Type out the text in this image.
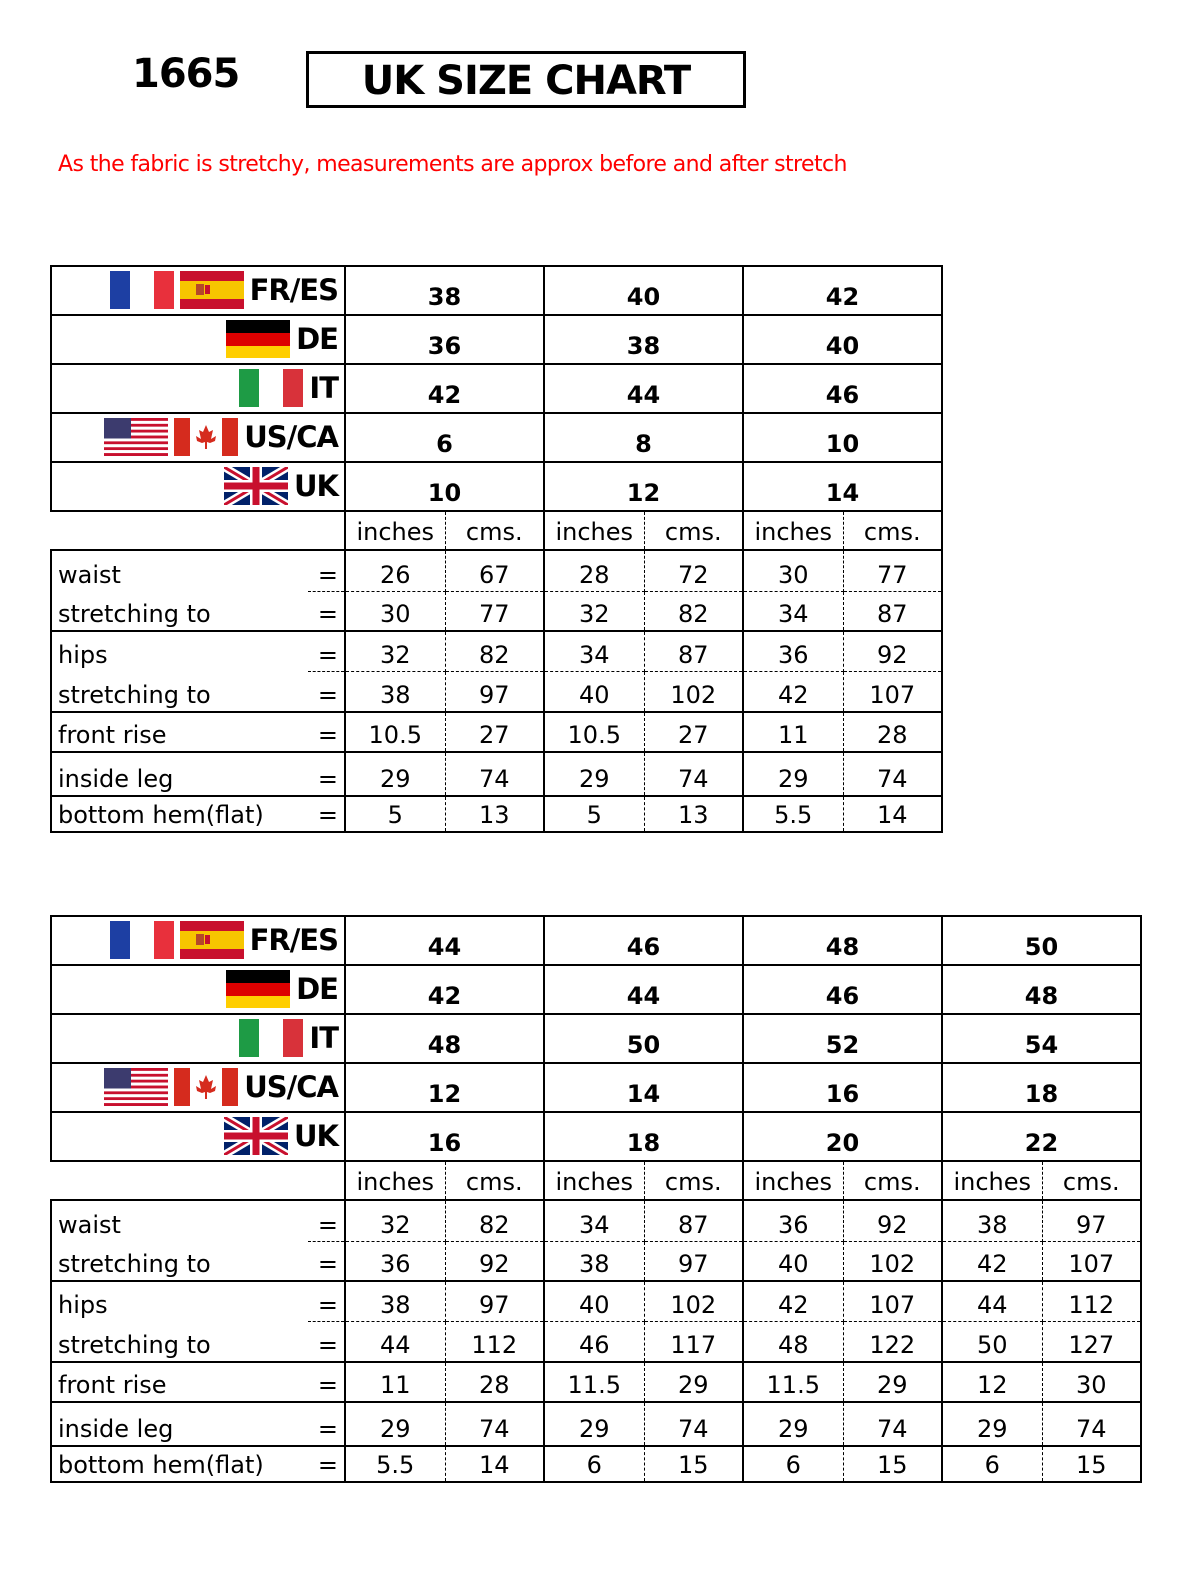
1665	UK SIZE CHART
As the fabric is stretchy, measurements are approx before and after stretch
FR/ES		38		40		42	

DE		36		38		40	

IT		42		44		46	

US/CA		6		8		10	

UK		10		12		14	
		inches	cms.	inches	cms.	inches	cms.
waist	=	26	67	28	72	30	77
stretching to	=	30	77	32	82	34	87
hips	=	32	82	34	87	36	92
stretching to	=	38	97	40	102	42	107
front rise	=	10.5	27	10.5	27	11	28
inside leg	=	29	74	29	74	29	74
bottom hem(flat)	=	5	13	5	13	5.5	14
FR/ES		44		46		48		50	

DE		42		44		46		48	

IT		48		50		52		54	

US/CA		12		14		16		18	

UK		16		18		20		22	
		inches	cms.	inches	cms.	inches	cms.	inches	cms.
waist	=	32	82	34	87	36	92	38	97
stretching to	=	36	92	38	97	40	102	42	107
hips	=	38	97	40	102	42	107	44	112
stretching to	=	44	112	46	117	48	122	50	127
front rise	=	11	28	11.5	29	11.5	29	12	30
inside leg	=	29	74	29	74	29	74	29	74
bottom hem(flat)	=	5.5	14	6	15	6	15	6	15
